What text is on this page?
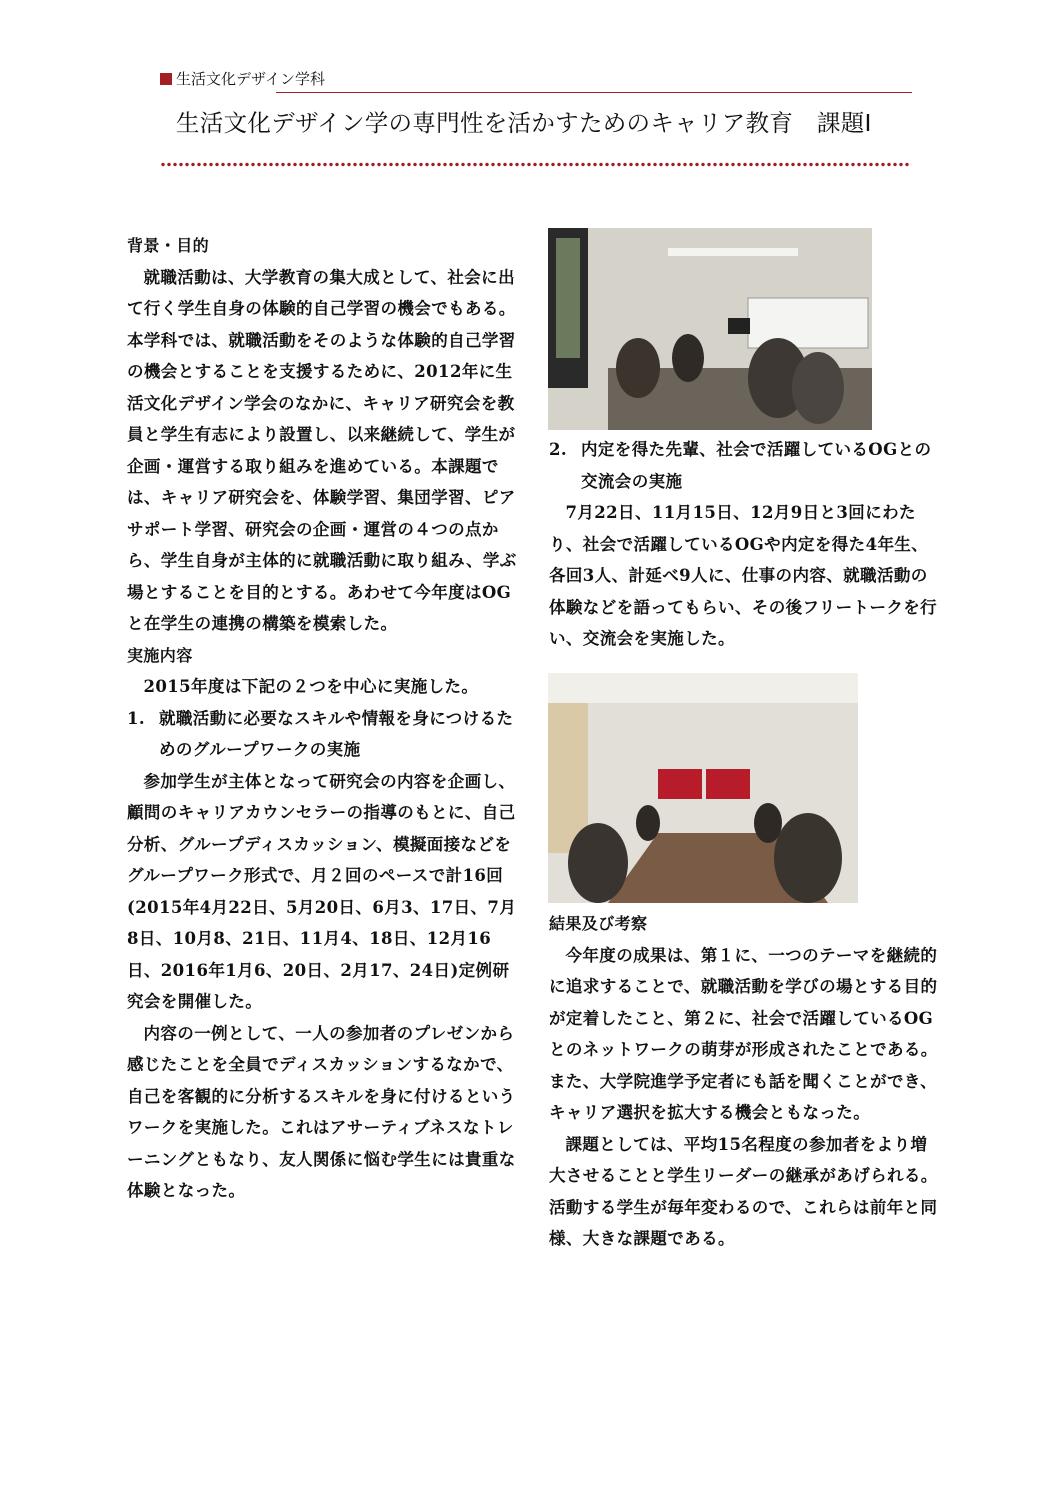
生活文化デザイン学科
生活文化デザイン学の専門性を活かすためのキャリア教育　課題Ⅰ

背景・目的

就職活動は、大学教育の集大成として、社会に出て行く学生自身の体験的自己学習の機会でもある。本学科では、就職活動をそのような体験的自己学習の機会とすることを支援するために、2012年に生活文化デザイン学会のなかに、キャリア研究会を教員と学生有志により設置し、以来継続して、学生が企画・運営する取り組みを進めている。本課題では、キャリア研究会を、体験学習、集団学習、ピアサポート学習、研究会の企画・運営の４つの点から、学生自身が主体的に就職活動に取り組み、学ぶ場とすることを目的とする。あわせて今年度はOGと在学生の連携の構築を模索した。

実施内容

2015年度は下記の２つを中心に実施した。

1. 就職活動に必要なスキルや情報を身につけるためのグループワークの実施

参加学生が主体となって研究会の内容を企画し、顧問のキャリアカウンセラーの指導のもとに、自己分析、グループディスカッション、模擬面接などをグループワーク形式で、月２回のペースで計16回(2015年4月22日、5月20日、6月3、17日、7月8日、10月8、21日、11月4、18日、12月16日、2016年1月6、20日、2月17、24日)定例研究会を開催した。

内容の一例として、一人の参加者のプレゼンから感じたことを全員でディスカッションするなかで、自己を客観的に分析するスキルを身に付けるというワークを実施した。これはアサーティブネスなトレーニングともなり、友人関係に悩む学生には貴重な体験となった。

2. 内定を得た先輩、社会で活躍しているOGとの交流会の実施

7月22日、11月15日、12月9日と3回にわたり、社会で活躍しているOGや内定を得た4年生、各回3人、計延べ9人に、仕事の内容、就職活動の体験などを語ってもらい、その後フリートークを行い、交流会を実施した。

結果及び考察

今年度の成果は、第１に、一つのテーマを継続的に追求することで、就職活動を学びの場とする目的が定着したこと、第２に、社会で活躍しているOGとのネットワークの萌芽が形成されたことである。また、大学院進学予定者にも話を聞くことができ、キャリア選択を拡大する機会ともなった。

課題としては、平均15名程度の参加者をより増大させることと学生リーダーの継承があげられる。活動する学生が毎年変わるので、これらは前年と同様、大きな課題である。
